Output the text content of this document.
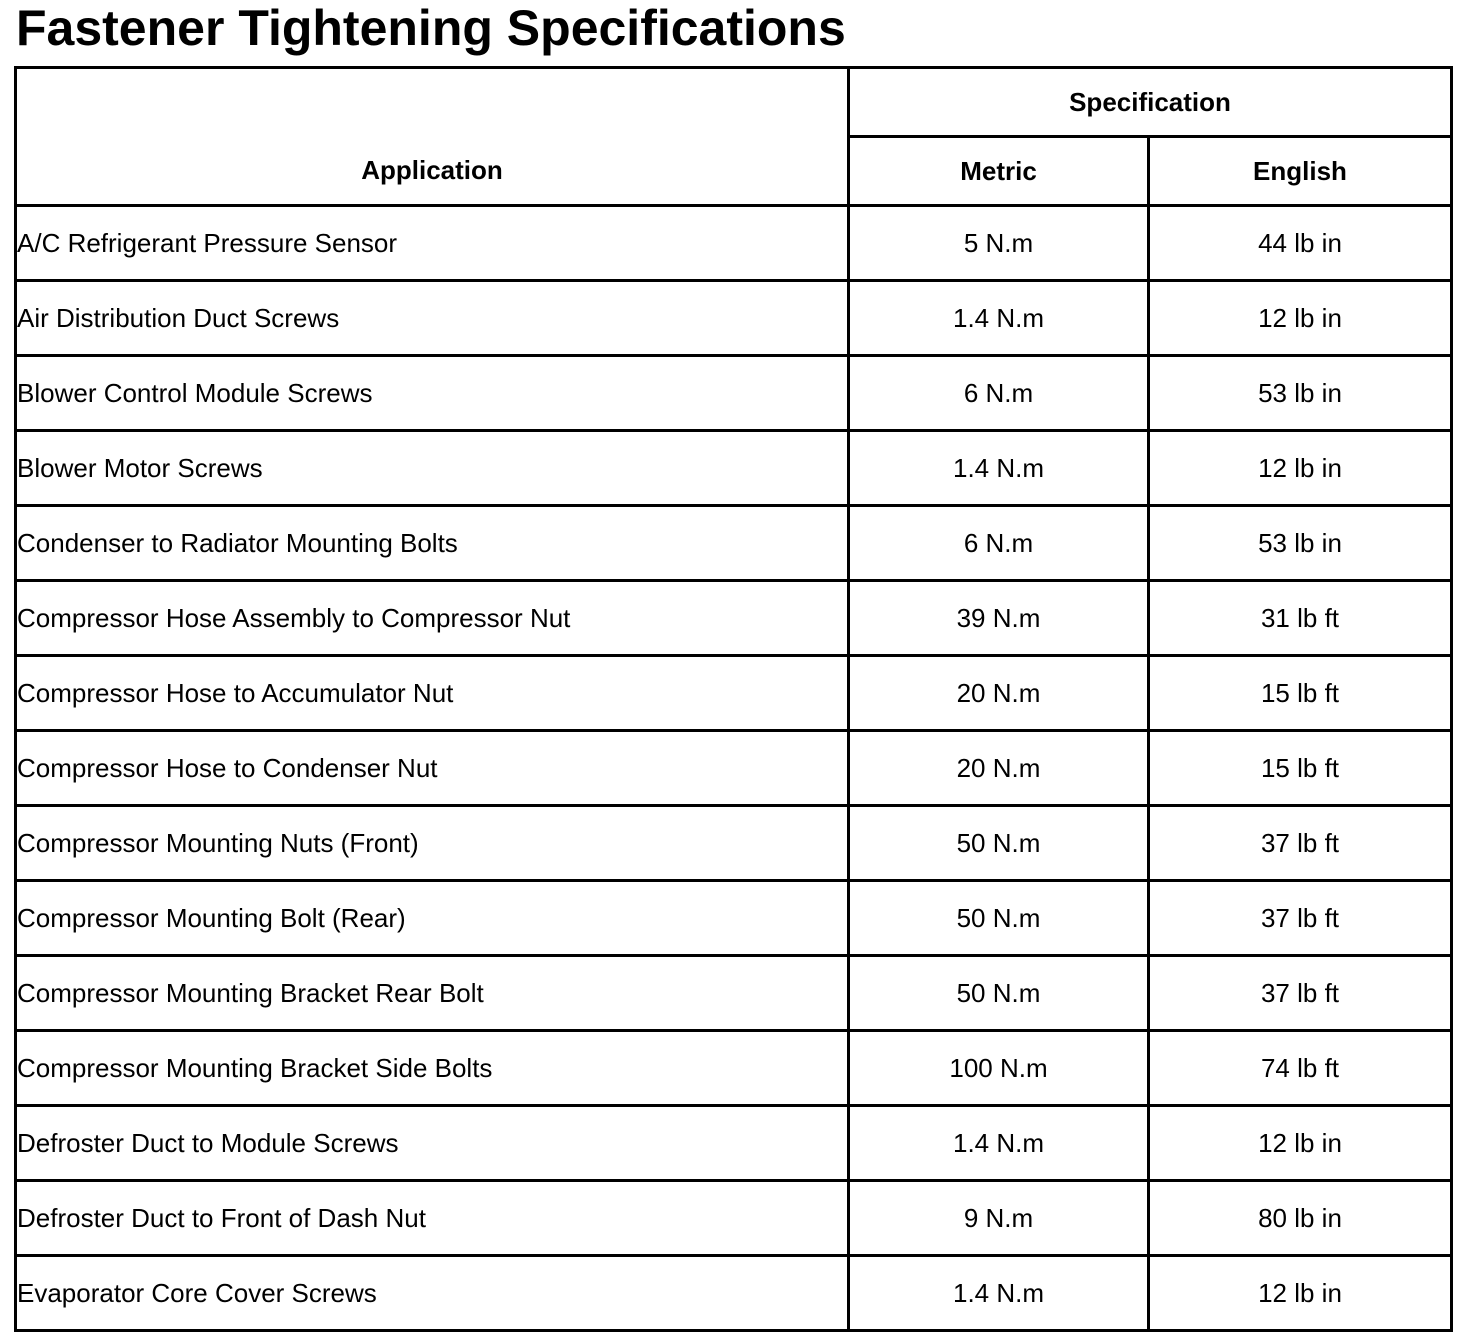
Fastener Tightening Specifications
Application	Specification	
	Metric	English
A/C Refrigerant Pressure Sensor	5 N.m	44 lb in
Air Distribution Duct Screws	1.4 N.m	12 lb in
Blower Control Module Screws	6 N.m	53 lb in
Blower Motor Screws	1.4 N.m	12 lb in
Condenser to Radiator Mounting Bolts	6 N.m	53 lb in
Compressor Hose Assembly to Compressor Nut	39 N.m	31 lb ft
Compressor Hose to Accumulator Nut	20 N.m	15 lb ft
Compressor Hose to Condenser Nut	20 N.m	15 lb ft
Compressor Mounting Nuts (Front)	50 N.m	37 lb ft
Compressor Mounting Bolt (Rear)	50 N.m	37 lb ft
Compressor Mounting Bracket Rear Bolt	50 N.m	37 lb ft
Compressor Mounting Bracket Side Bolts	100 N.m	74 lb ft
Defroster Duct to Module Screws	1.4 N.m	12 lb in
Defroster Duct to Front of Dash Nut	9 N.m	80 lb in
Evaporator Core Cover Screws	1.4 N.m	12 lb in
